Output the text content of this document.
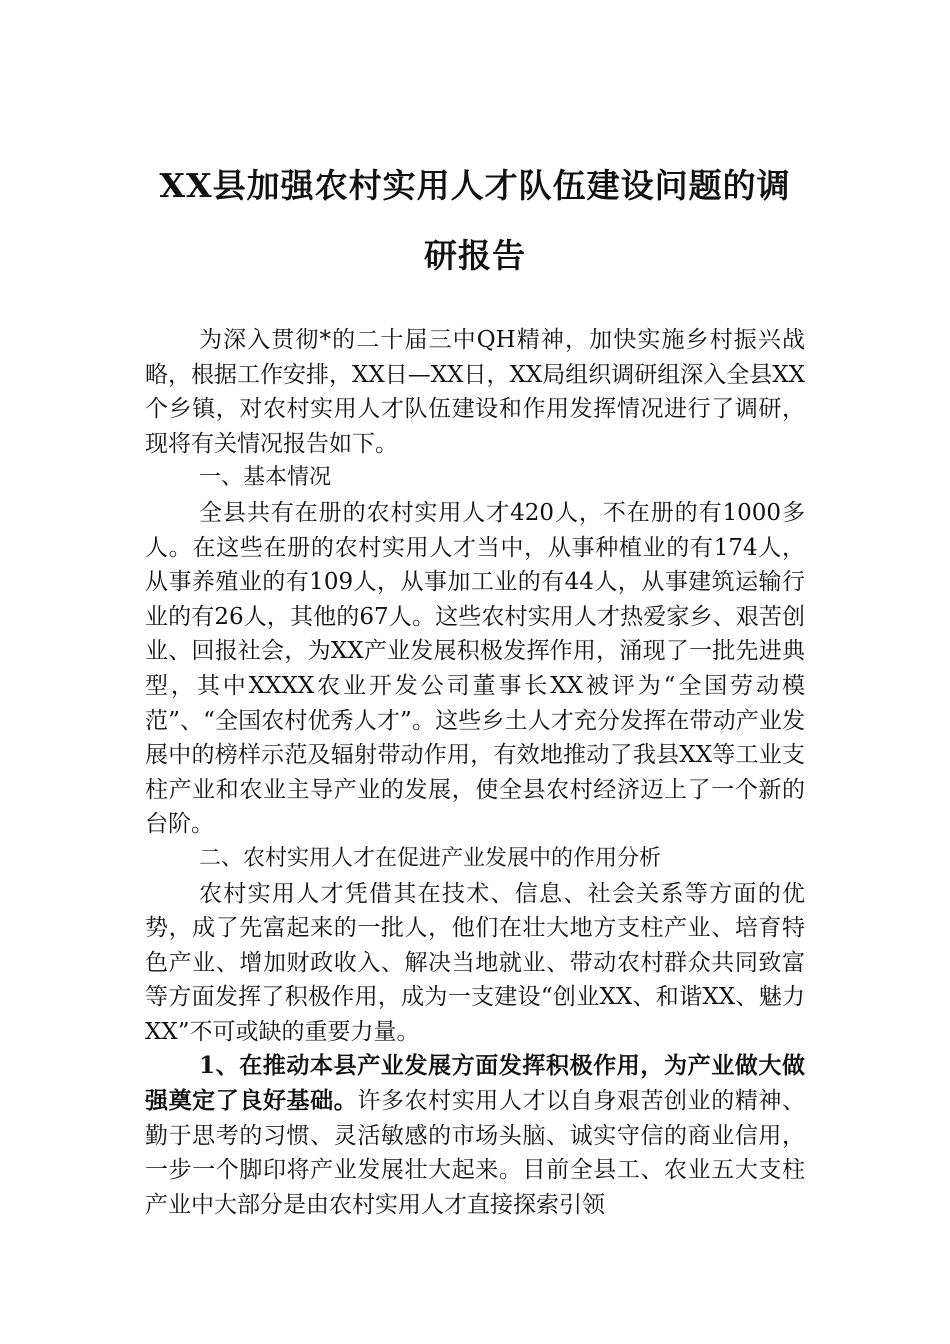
XX县加强农村实用人才队伍建设问题的调
研报告

为深入贯彻*的二十届三中QH精神，加快实施乡村振兴战略，根据工作安排，XX日—XX日，XX局组织调研组深入全县XX个乡镇，对农村实用人才队伍建设和作用发挥情况进行了调研，现将有关情况报告如下。

一、基本情况

全县共有在册的农村实用人才420人，不在册的有1000多人。在这些在册的农村实用人才当中，从事种植业的有174人，从事养殖业的有109人，从事加工业的有44人，从事建筑运输行业的有26人，其他的67人。这些农村实用人才热爱家乡、艰苦创业、回报社会，为XX产业发展积极发挥作用，涌现了一批先进典型，其中XXXX农业开发公司董事长XX被评为“全国劳动模范”、“全国农村优秀人才”。这些乡土人才充分发挥在带动产业发展中的榜样示范及辐射带动作用，有效地推动了我县XX等工业支柱产业和农业主导产业的发展，使全县农村经济迈上了一个新的台阶。

二、农村实用人才在促进产业发展中的作用分析

农村实用人才凭借其在技术、信息、社会关系等方面的优势，成了先富起来的一批人，他们在壮大地方支柱产业、培育特色产业、增加财政收入、解决当地就业、带动农村群众共同致富等方面发挥了积极作用，成为一支建设“创业XX、和谐XX、魅力XX”不可或缺的重要力量。

1、在推动本县产业发展方面发挥积极作用，为产业做大做强奠定了良好基础。许多农村实用人才以自身艰苦创业的精神、勤于思考的习惯、灵活敏感的市场头脑、诚实守信的商业信用，一步一个脚印将产业发展壮大起来。目前全县工、农业五大支柱产业中大部分是由农村实用人才直接探索引领
